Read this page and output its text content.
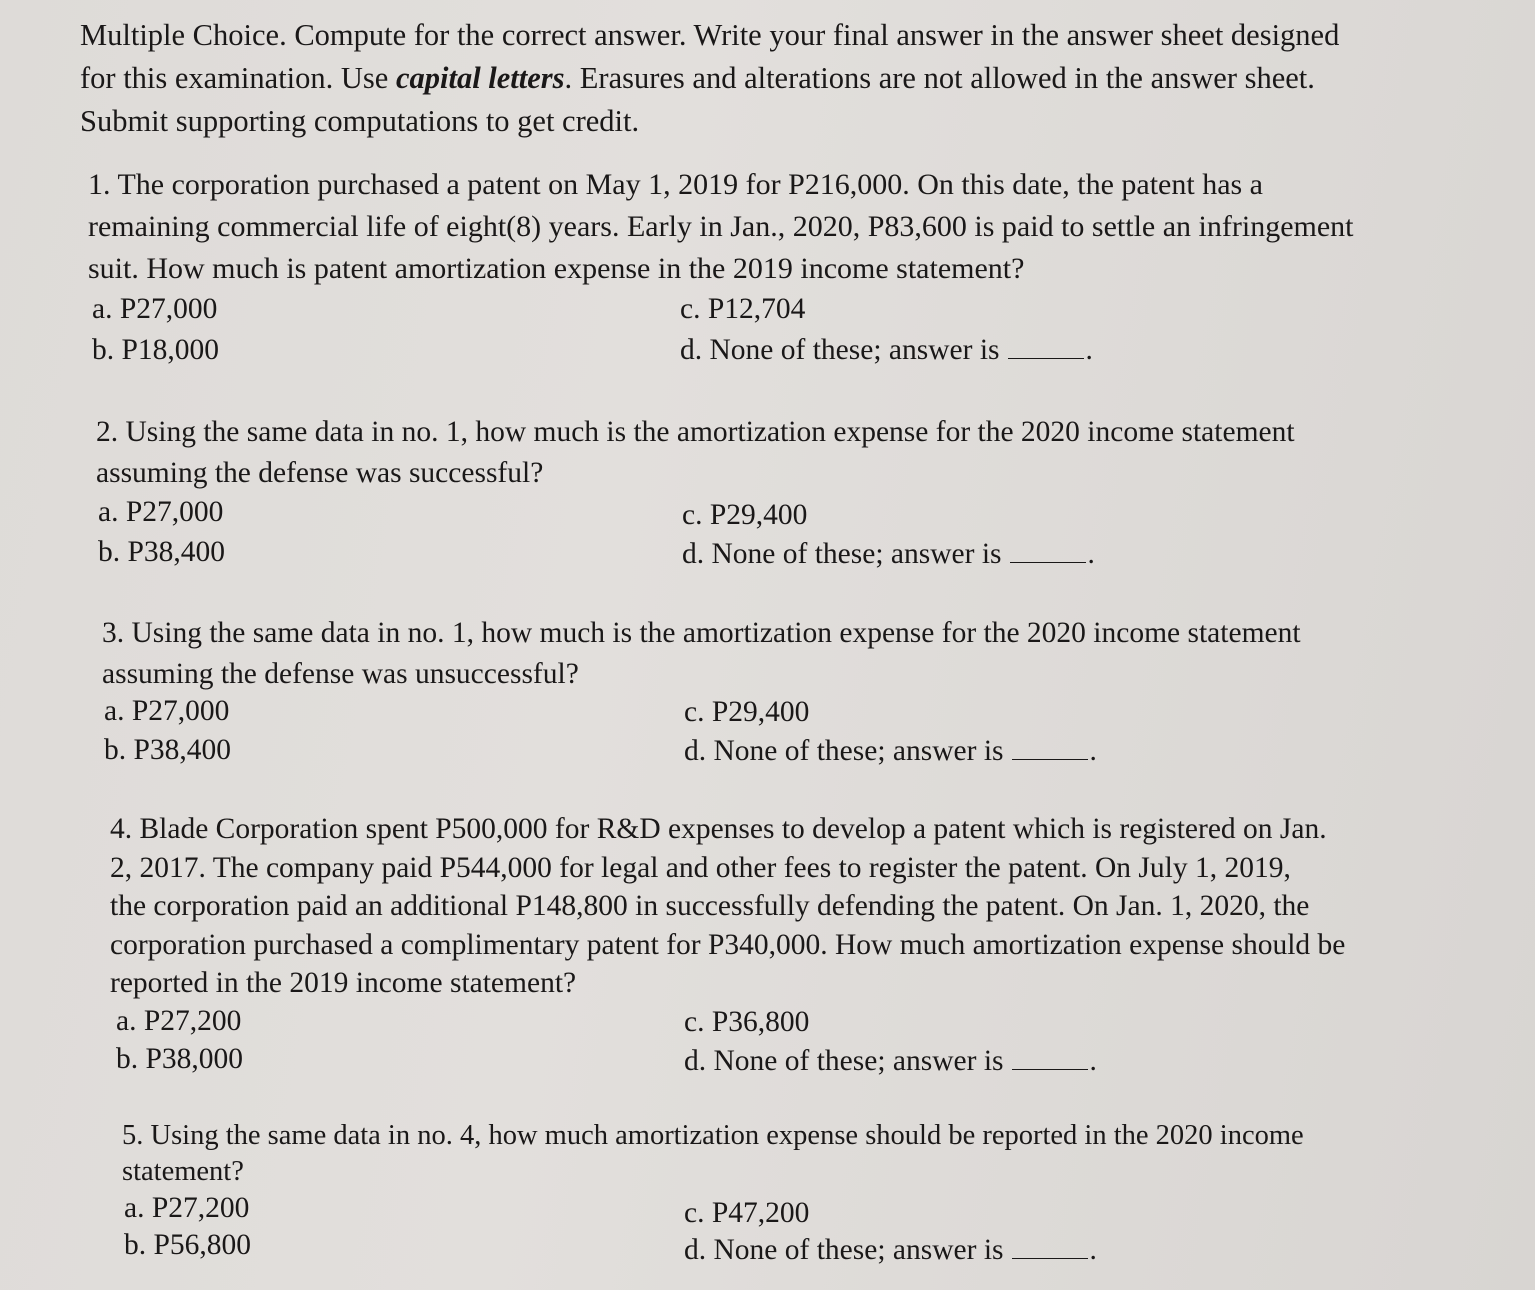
Multiple Choice. Compute for the correct answer. Write your final answer in the answer sheet designed
for this examination. Use capital letters. Erasures and alterations are not allowed in the answer sheet.
Submit supporting computations to get credit.
1. The corporation purchased a patent on May 1, 2019 for P216,000. On this date, the patent has a
remaining commercial life of eight(8) years. Early in Jan., 2020, P83,600 is paid to settle an infringement
suit. How much is patent amortization expense in the 2019 income statement?
a. P27,000
b. P18,000
c. P12,704
d. None of these; answer is	.
2. Using the same data in no. 1, how much is the amortization expense for the 2020 income statement
assuming the defense was successful?
a. P27,000
b. P38,400
c. P29,400
d. None of these; answer is	.
3. Using the same data in no. 1, how much is the amortization expense for the 2020 income statement
assuming the defense was unsuccessful?
a. P27,000
b. P38,400
c. P29,400
d. None of these; answer is	.
4. Blade Corporation spent P500,000 for R&D expenses to develop a patent which is registered on Jan.
2, 2017. The company paid P544,000 for legal and other fees to register the patent. On July 1, 2019,
the corporation paid an additional P148,800 in successfully defending the patent. On Jan. 1, 2020, the
corporation purchased a complimentary patent for P340,000. How much amortization expense should be
reported in the 2019 income statement?
a. P27,200
b. P38,000
c. P36,800
d. None of these; answer is	.
5. Using the same data in no. 4, how much amortization expense should be reported in the 2020 income
statement?
a. P27,200
b. P56,800
c. P47,200
d. None of these; answer is	.
